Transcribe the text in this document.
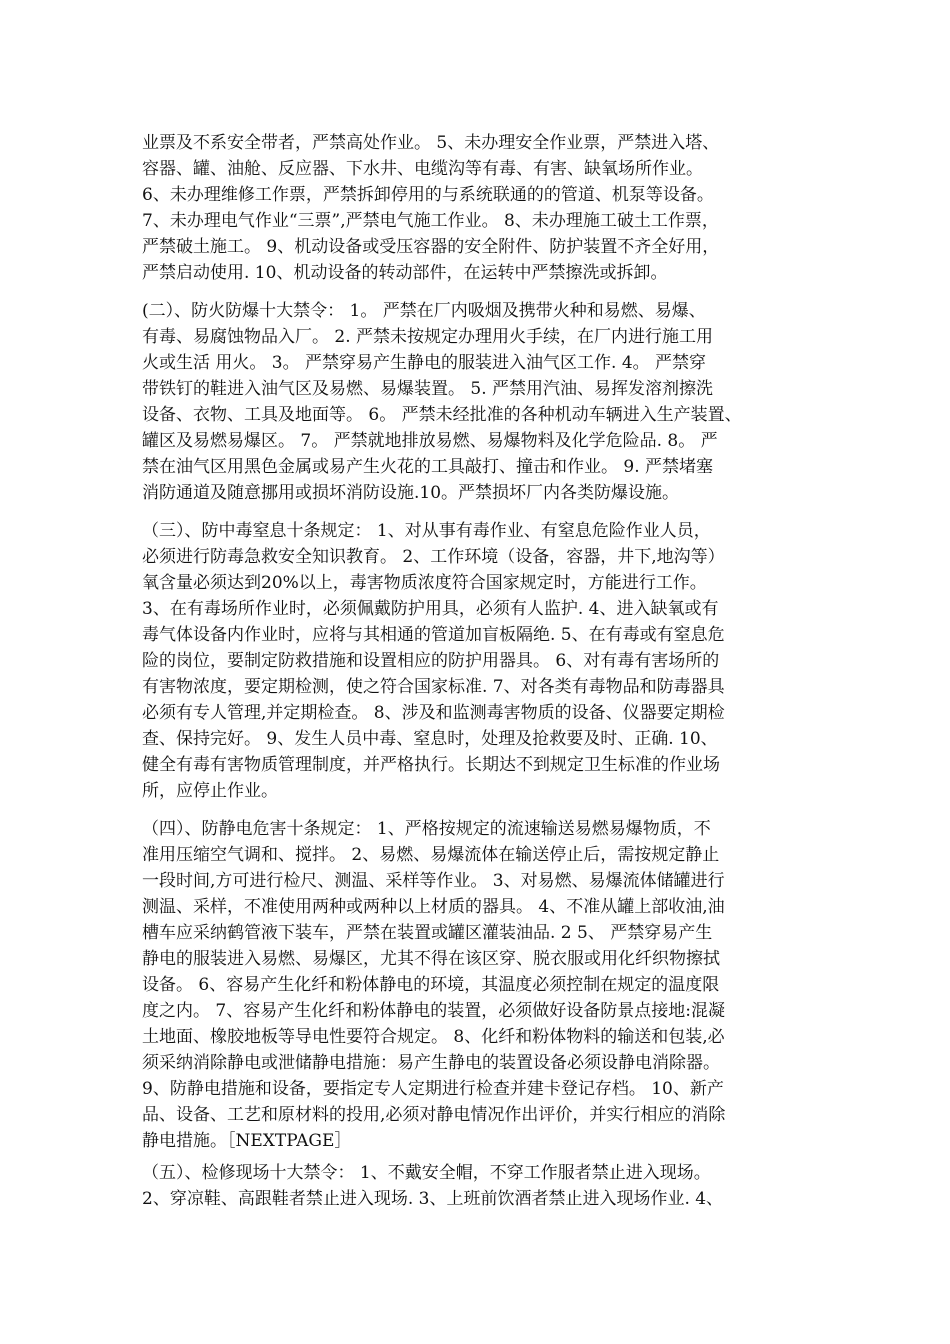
业票及不系安全带者，严禁高处作业。 5、未办理安全作业票，严禁进入塔、
容器、罐、油舱、反应器、下水井、电缆沟等有毒、有害、缺氧场所作业。
6、未办理维修工作票，严禁拆卸停用的与系统联通的的管道、机泵等设备。
7、未办理电气作业“三票”,严禁电气施工作业。 8、未办理施工破土工作票，
严禁破土施工。 9、机动设备或受压容器的安全附件、防护装置不齐全好用，
严禁启动使用. 10、机动设备的转动部件，在运转中严禁擦洗或拆卸。
(二）、防火防爆十大禁令： 1。 严禁在厂内吸烟及携带火种和易燃、易爆、
有毒、易腐蚀物品入厂。 2. 严禁未按规定办理用火手续，在厂内进行施工用
火或生活 用火。 3。 严禁穿易产生静电的服装进入油气区工作. 4。 严禁穿
带铁钉的鞋进入油气区及易燃、易爆装置。 5. 严禁用汽油、易挥发溶剂擦洗
设备、衣物、工具及地面等。 6。 严禁未经批准的各种机动车辆进入生产装置、
罐区及易燃易爆区。 7。 严禁就地排放易燃、易爆物料及化学危险品. 8。 严
禁在油气区用黑色金属或易产生火花的工具敲打、撞击和作业。 9. 严禁堵塞
消防通道及随意挪用或损坏消防设施.10。严禁损坏厂内各类防爆设施。
（三）、防中毒窒息十条规定： 1、对从事有毒作业、有窒息危险作业人员，
必须进行防毒急救安全知识教育。 2、工作环境（设备，容器，井下,地沟等）
氧含量必须达到20%以上，毒害物质浓度符合国家规定时，方能进行工作。
3、在有毒场所作业时，必须佩戴防护用具，必须有人监护. 4、进入缺氧或有
毒气体设备内作业时，应将与其相通的管道加盲板隔绝. 5、在有毒或有窒息危
险的岗位，要制定防救措施和设置相应的防护用器具。 6、对有毒有害场所的
有害物浓度，要定期检测，使之符合国家标准. 7、对各类有毒物品和防毒器具
必须有专人管理,并定期检查。 8、涉及和监测毒害物质的设备、仪器要定期检
查、保持完好。 9、发生人员中毒、窒息时，处理及抢救要及时、正确. 10、
健全有毒有害物质管理制度，并严格执行。长期达不到规定卫生标准的作业场
所，应停止作业。
（四）、防静电危害十条规定： 1、严格按规定的流速输送易燃易爆物质，不
准用压缩空气调和、搅拌。 2、易燃、易爆流体在输送停止后，需按规定静止
一段时间,方可进行检尺、测温、采样等作业。 3、对易燃、易爆流体储罐进行
测温、采样，不准使用两种或两种以上材质的器具。 4、不准从罐上部收油,油
槽车应采纳鹤管液下装车，严禁在装置或罐区灌装油品. 2 5、 严禁穿易产生
静电的服装进入易燃、易爆区，尤其不得在该区穿、脱衣服或用化纤织物擦拭
设备。 6、容易产生化纤和粉体静电的环境，其温度必须控制在规定的温度限
度之内。 7、容易产生化纤和粉体静电的装置，必须做好设备防景点接地:混凝
土地面、橡胶地板等导电性要符合规定。 8、化纤和粉体物料的输送和包装,必
须采纳消除静电或泄储静电措施：易产生静电的装置设备必须设静电消除器。
9、防静电措施和设备，要指定专人定期进行检查并建卡登记存档。 10、新产
品、设备、工艺和原材料的投用,必须对静电情况作出评价，并实行相应的消除
静电措施。［NEXTPAGE］
（五）、检修现场十大禁令： 1、不戴安全帽，不穿工作服者禁止进入现场。
2、穿凉鞋、高跟鞋者禁止进入现场. 3、上班前饮酒者禁止进入现场作业. 4、
